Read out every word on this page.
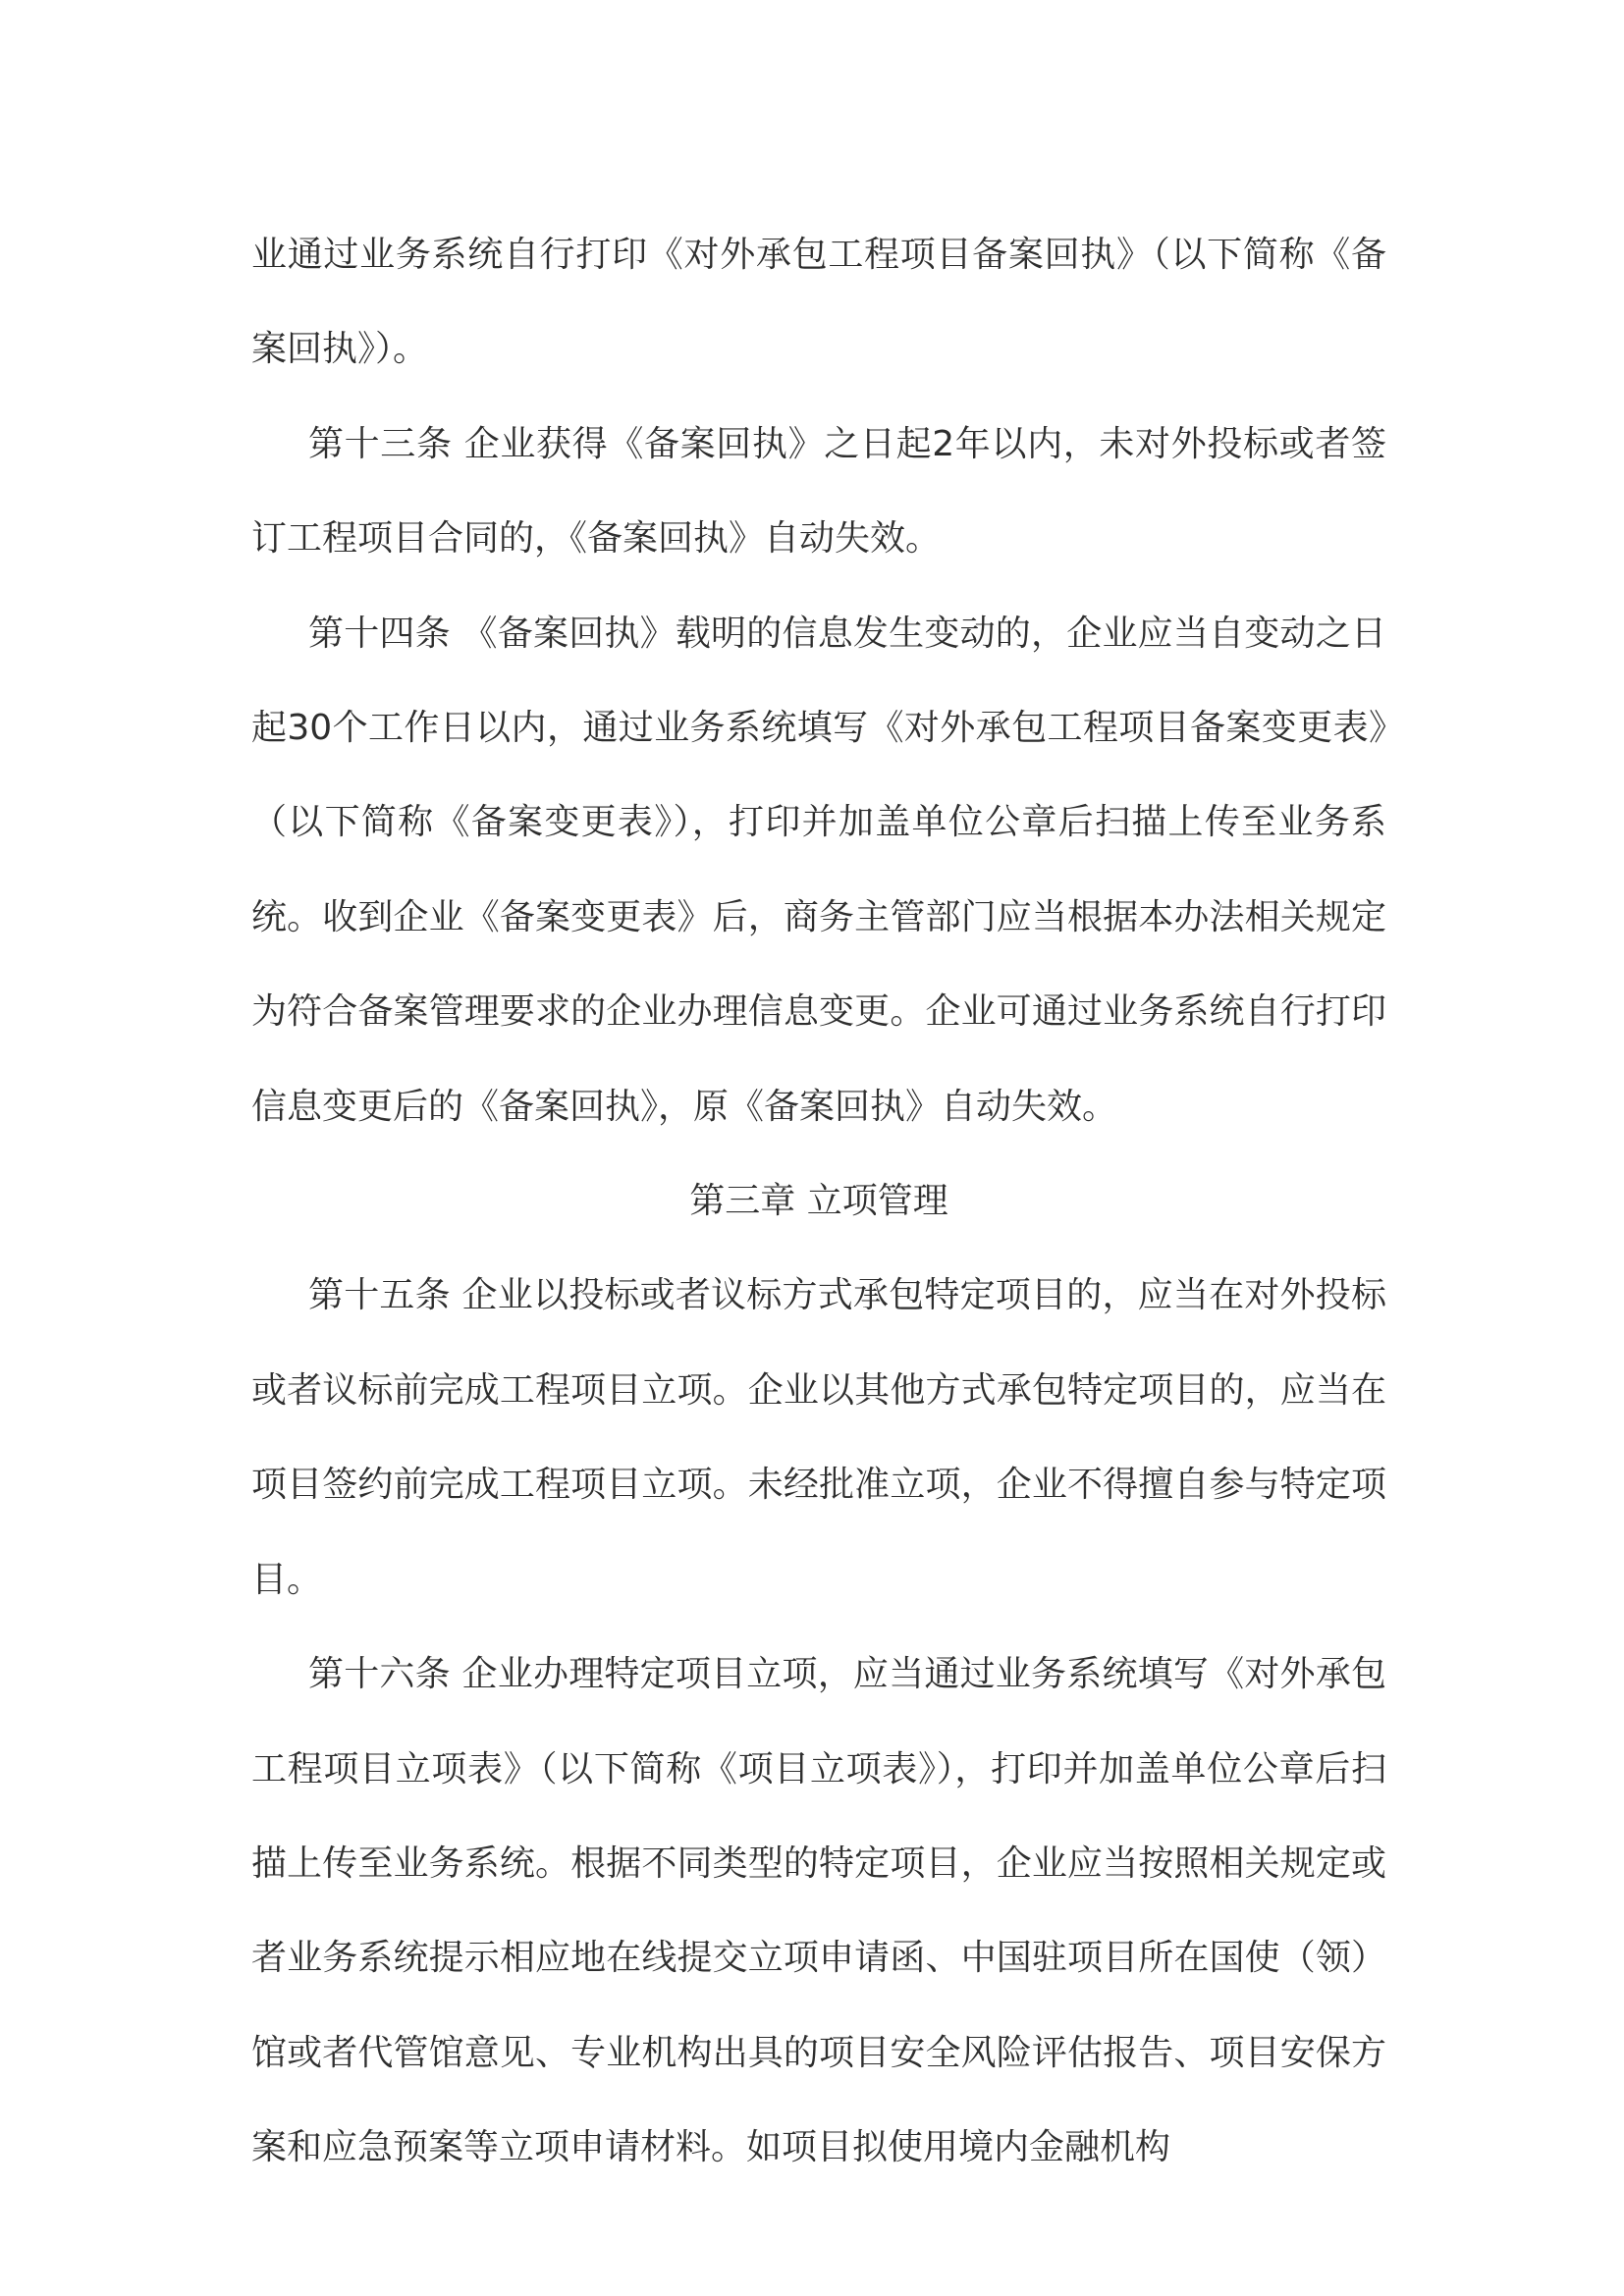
业通过业务系统自行打印《对外承包工程项目备案回执》（以下简称《备案回执》）。

第十三条 企业获得《备案回执》之日起2年以内，未对外投标或者签订工程项目合同的，《备案回执》自动失效。

第十四条 《备案回执》载明的信息发生变动的，企业应当自变动之日起30个工作日以内，通过业务系统填写《对外承包工程项目备案变更表》（以下简称《备案变更表》），打印并加盖单位公章后扫描上传至业务系统。收到企业《备案变更表》后，商务主管部门应当根据本办法相关规定为符合备案管理要求的企业办理信息变更。企业可通过业务系统自行打印信息变更后的《备案回执》，原《备案回执》自动失效。

第三章 立项管理

第十五条 企业以投标或者议标方式承包特定项目的，应当在对外投标或者议标前完成工程项目立项。企业以其他方式承包特定项目的，应当在项目签约前完成工程项目立项。未经批准立项，企业不得擅自参与特定项目。

第十六条 企业办理特定项目立项，应当通过业务系统填写《对外承包工程项目立项表》（以下简称《项目立项表》），打印并加盖单位公章后扫描上传至业务系统。根据不同类型的特定项目，企业应当按照相关规定或者业务系统提示相应地在线提交立项申请函、中国驻项目所在国使（领）馆或者代管馆意见、专业机构出具的项目安全风险评估报告、项目安保方案和应急预案等立项申请材料。如项目拟使用境内金融机构
